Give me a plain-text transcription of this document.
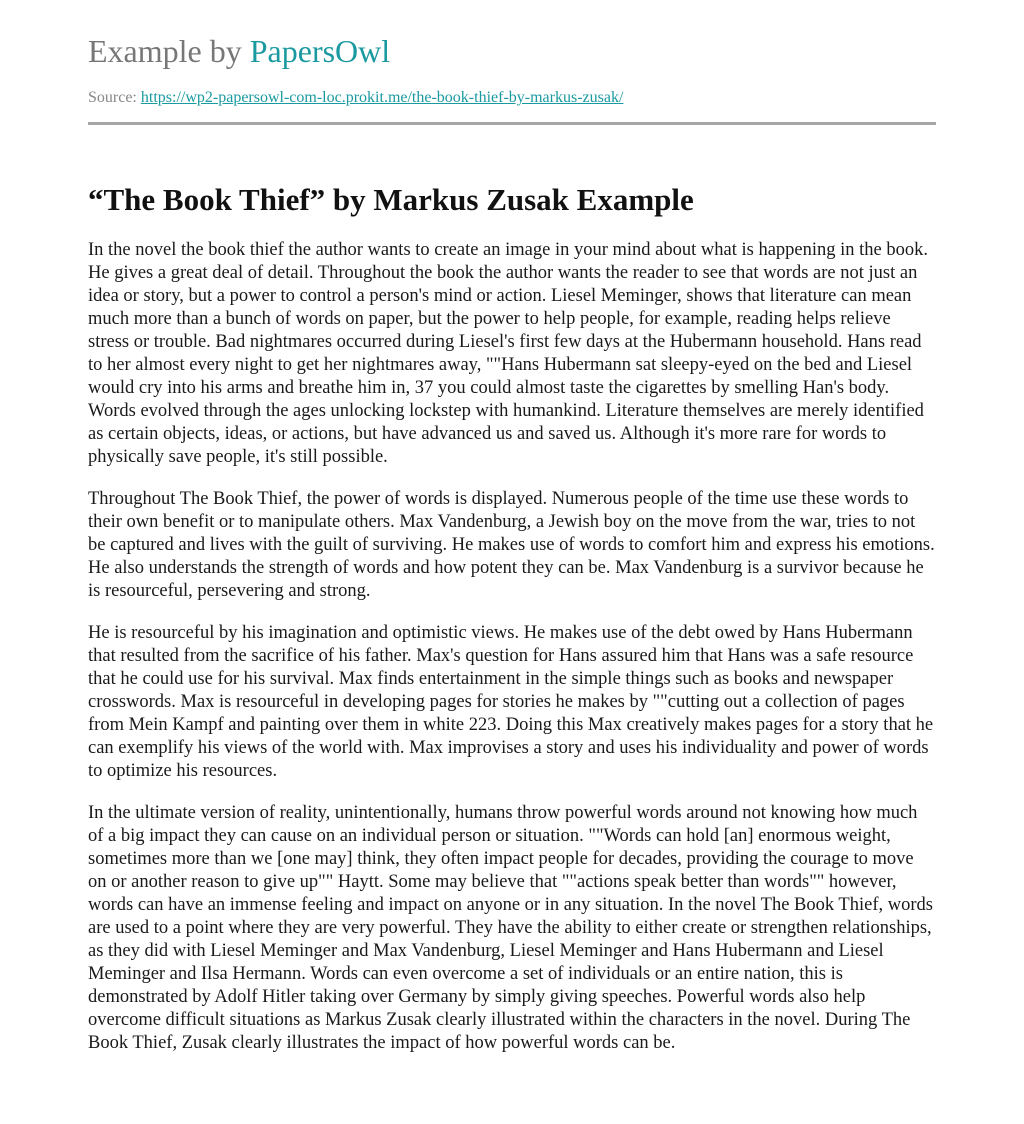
Example by PapersOwl
Source: https://wp2-papersowl-com-loc.prokit.me/the-book-thief-by-markus-zusak/
“The Book Thief” by Markus Zusak Example

In the novel the book thief the author wants to create an image in your mind about what is happening in the book. He gives a great deal of detail. Throughout the book the author wants the reader to see that words are not just an idea or story, but a power to control a person's mind or action. Liesel Meminger, shows that literature can mean much more than a bunch of words on paper, but the power to help people, for example, reading helps relieve stress or trouble. Bad nightmares occurred during Liesel's first few days at the Hubermann household. Hans read to her almost every night to get her nightmares away, ""Hans Hubermann sat sleepy-eyed on the bed and Liesel would cry into his arms and breathe him in, 37 you could almost taste the cigarettes by smelling Han's body. Words evolved through the ages unlocking lockstep with humankind. Literature themselves are merely identified as certain objects, ideas, or actions, but have advanced us and saved us. Although it's more rare for words to physically save people, it's still possible.

Throughout The Book Thief, the power of words is displayed. Numerous people of the time use these words to their own benefit or to manipulate others. Max Vandenburg, a Jewish boy on the move from the war, tries to not be captured and lives with the guilt of surviving. He makes use of words to comfort him and express his emotions. He also understands the strength of words and how potent they can be. Max Vandenburg is a survivor because he is resourceful, persevering and strong.

He is resourceful by his imagination and optimistic views. He makes use of the debt owed by Hans Hubermann that resulted from the sacrifice of his father. Max's question for Hans assured him that Hans was a safe resource that he could use for his survival. Max finds entertainment in the simple things such as books and newspaper crosswords. Max is resourceful in developing pages for stories he makes by ""cutting out a collection of pages from Mein Kampf and painting over them in white 223. Doing this Max creatively makes pages for a story that he can exemplify his views of the world with. Max improvises a story and uses his individuality and power of words to optimize his resources.

In the ultimate version of reality, unintentionally, humans throw powerful words around not knowing how much of a big impact they can cause on an individual person or situation. ""Words can hold [an] enormous weight, sometimes more than we [one may] think, they often impact people for decades, providing the courage to move on or another reason to give up"" Haytt. Some may believe that ""actions speak better than words"" however, words can have an immense feeling and impact on anyone or in any situation. In the novel The Book Thief, words are used to a point where they are very powerful. They have the ability to either create or strengthen relationships, as they did with Liesel Meminger and Max Vandenburg, Liesel Meminger and Hans Hubermann and Liesel Meminger and Ilsa Hermann. Words can even overcome a set of individuals or an entire nation, this is demonstrated by Adolf Hitler taking over Germany by simply giving speeches. Powerful words also help overcome difficult situations as Markus Zusak clearly illustrated within the characters in the novel. During The Book Thief, Zusak clearly illustrates the impact of how powerful words can be.
